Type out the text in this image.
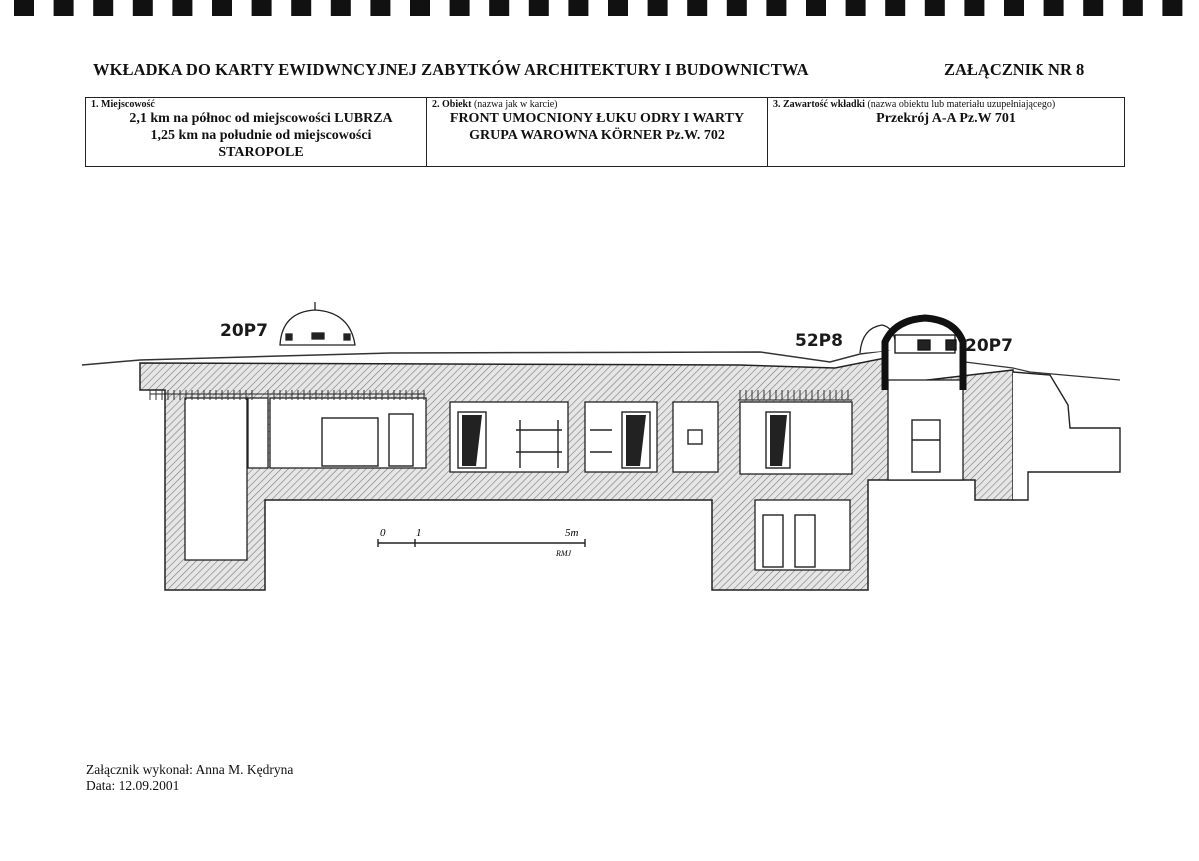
WKŁADKA DO KARTY EWIDWNCYJNEJ ZABYTKÓW ARCHITEKTURY I BUDOWNICTWA	ZAŁĄCZNIK NR 8
1. Miejscowość
2,1 km na północ od miejscowości LUBRZA
1,25 km na południe od miejscowości
STAROPOLE

2. Obiekt (nazwa jak w karcie)
FRONT UMOCNIONY ŁUKU ODRY I WARTY
GRUPA WAROWNA KÖRNER Pz.W. 702

3. Zawartość wkładki (nazwa obiektu lub materiału uzupełniającego)
Przekrój A-A Pz.W 701
20P7	52P8	20P7
0	1	5m
RMJ
Załącznik wykonał: Anna M. Kędryna
Data: 12.09.2001
